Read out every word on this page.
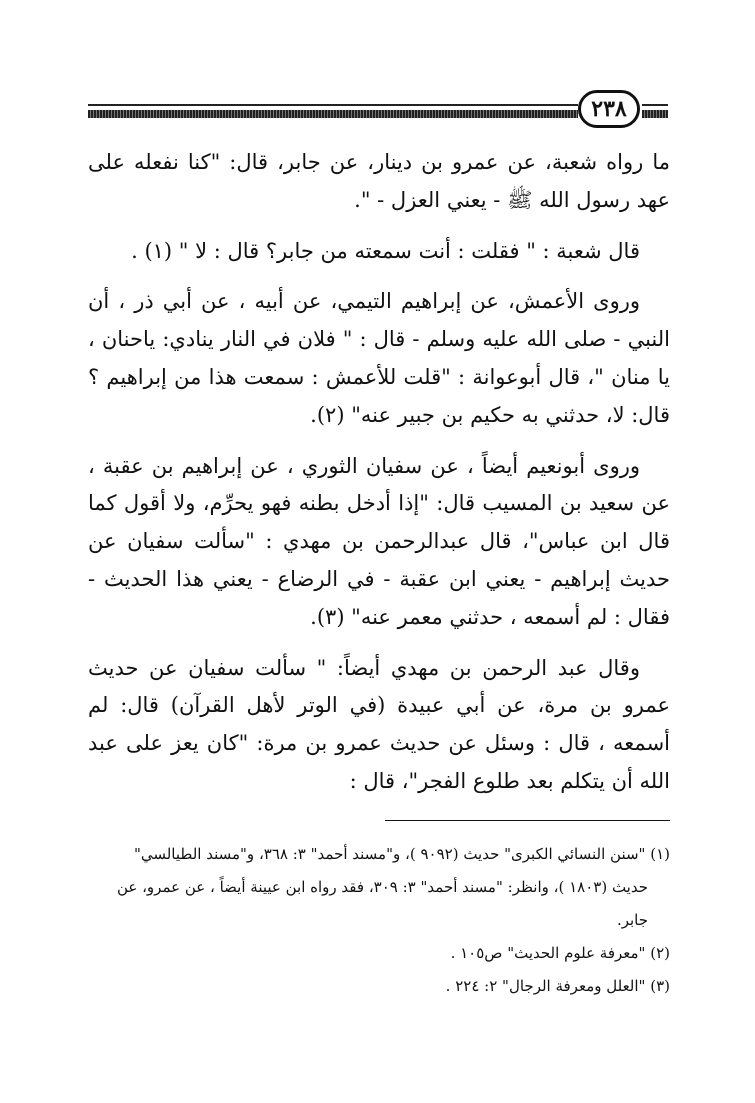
٢٣٨

ما رواه شعبة، عن عمرو بن دينار، عن جابر، قال: "كنا نفعله على عهد رسول الله ﷺ - يعني العزل - ".

قال شعبة : " فقلت : أنت سمعته من جابر؟ قال : لا " (١) .

وروى الأعمش، عن إبراهيم التيمي، عن أبيه ، عن أبي ذر ، أن النبي - صلى الله عليه وسلم - قال : " فلان في النار ينادي: ياحنان ، يا منان "، قال أبوعوانة : "قلت للأعمش : سمعت هذا من إبراهيم ؟ قال: لا، حدثني به حكيم بن جبير عنه" (٢).

وروى أبونعيم أيضاً ، عن سفيان الثوري ، عن إبراهيم بن عقبة ، عن سعيد بن المسيب قال: "إذا أدخل بطنه فهو يحرِّم، ولا أقول كما قال ابن عباس"، قال عبدالرحمن بن مهدي : "سألت سفيان عن حديث إبراهيم - يعني ابن عقبة - في الرضاع - يعني هذا الحديث - فقال : لم أسمعه ، حدثني معمر عنه" (٣).

وقال عبد الرحمن بن مهدي أيضاً: " سألت سفيان عن حديث عمرو بن مرة، عن أبي عبيدة (في الوتر لأهل القرآن) قال: لم أسمعه ، قال : وسئل عن حديث عمرو بن مرة: "كان يعز على عبد الله أن يتكلم بعد طلوع الفجر"، قال :

(١) "سنن النسائي الكبرى" حديث (٩٠٩٢ )، و"مسند أحمد" ٣: ٣٦٨، و"مسند الطيالسي"

حديث (١٨٠٣ )، وانظر: "مسند أحمد" ٣: ٣٠٩، فقد رواه ابن عيينة أيضاً ، عن عمرو، عن جابر.

(٢) "معرفة علوم الحديث" ص١٠٥ .

(٣) "العلل ومعرفة الرجال" ٢: ٢٢٤ .
